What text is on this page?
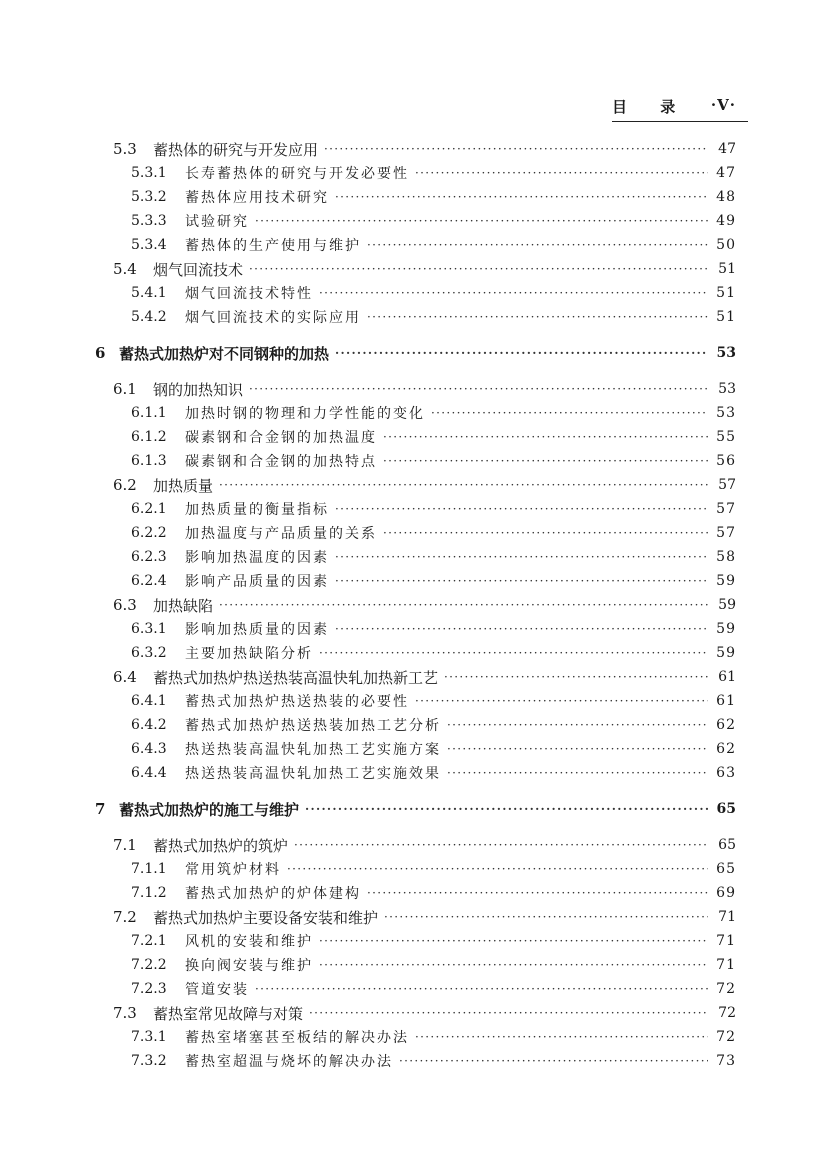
目 录 ·V·
5.3	蓄热体的研究与开发应用 ·····	47
5.3.1	长寿蓄热体的研究与开发必要性 ·····	47
5.3.2	蓄热体应用技术研究 ·····	48
5.3.3	试验研究 ·····	49
5.3.4	蓄热体的生产使用与维护 ·····	50
5.4	烟气回流技术 ·····	51
5.4.1	烟气回流技术特性 ·····	51
5.4.2	烟气回流技术的实际应用 ·····	51
6 蓄热式加热炉对不同钢种的加热 ·····	53
6.1	钢的加热知识 ·····	53
6.1.1	加热时钢的物理和力学性能的变化 ·····	53
6.1.2	碳素钢和合金钢的加热温度 ·····	55
6.1.3	碳素钢和合金钢的加热特点 ·····	56
6.2	加热质量 ·····	57
6.2.1	加热质量的衡量指标 ·····	57
6.2.2	加热温度与产品质量的关系 ·····	57
6.2.3	影响加热温度的因素 ·····	58
6.2.4	影响产品质量的因素 ·····	59
6.3	加热缺陷 ·····	59
6.3.1	影响加热质量的因素 ·····	59
6.3.2	主要加热缺陷分析 ·····	59
6.4	蓄热式加热炉热送热装高温快轧加热新工艺 ·····	61
6.4.1	蓄热式加热炉热送热装的必要性 ·····	61
6.4.2	蓄热式加热炉热送热装加热工艺分析 ·····	62
6.4.3	热送热装高温快轧加热工艺实施方案 ·····	62
6.4.4	热送热装高温快轧加热工艺实施效果 ·····	63
7 蓄热式加热炉的施工与维护 ·····	65
7.1	蓄热式加热炉的筑炉 ·····	65
7.1.1	常用筑炉材料 ·····	65
7.1.2	蓄热式加热炉的炉体建构 ·····	69
7.2	蓄热式加热炉主要设备安装和维护 ·····	71
7.2.1	风机的安装和维护 ·····	71
7.2.2	换向阀安装与维护 ·····	71
7.2.3	管道安装 ·····	72
7.3	蓄热室常见故障与对策 ·····	72
7.3.1	蓄热室堵塞甚至板结的解决办法 ·····	72
7.3.2	蓄热室超温与烧坏的解决办法 ·····	73
